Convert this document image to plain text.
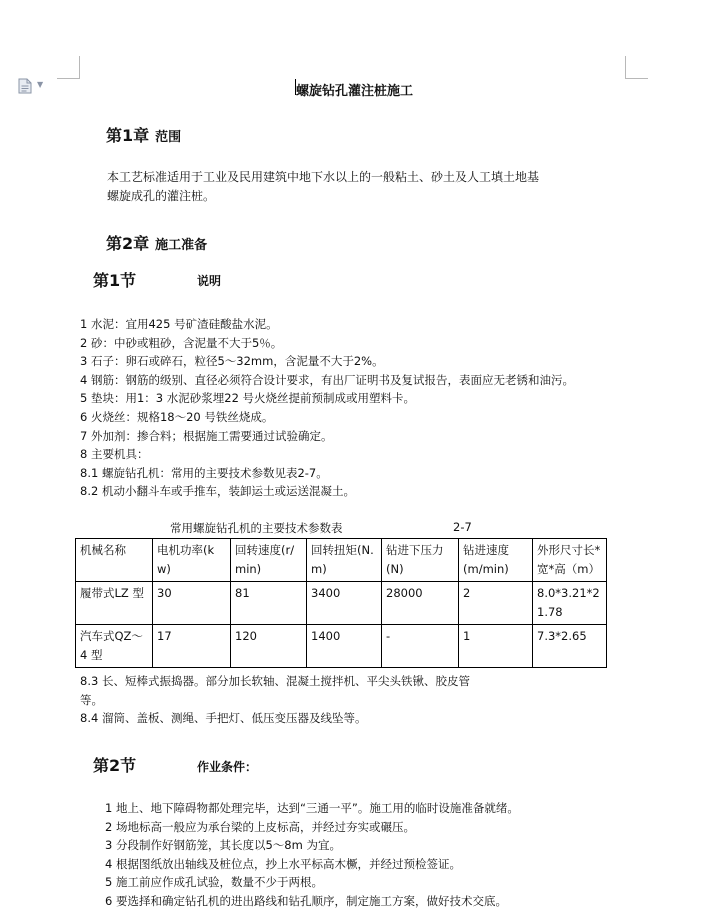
▼	螺旋钻孔灌注桩施工
第1章 范围
本工艺标准适用于工业及民用建筑中地下水以上的一般粘土、砂土及人工填土地基
螺旋成孔的灌注桩。
第2章 施工准备
第1节	说明
1 水泥：宜用425 号矿渣硅酸盐水泥。
2 砂：中砂或粗砂，含泥量不大于5％。
3 石子：卵石或碎石，粒径5～32mm，含泥量不大于2%。
4 钢筋：钢筋的级别、直径必须符合设计要求，有出厂证明书及复试报告，表面应无老锈和油污。
5 垫块：用1：3 水泥砂浆埋22 号火烧丝提前预制成或用塑料卡。
6 火烧丝：规格18～20 号铁丝烧成。
7 外加剂：掺合料；根据施工需要通过试验确定。
8 主要机具：
8.1 螺旋钻孔机：常用的主要技术参数见表2-7。
8.2 机动小翻斗车或手推车，装卸运土或运送混凝土。
常用螺旋钻孔机的主要技术参数表	2-7
机械名称	电机功率(kw)	回转速度(r/min)	回转扭矩(N.m)	钻进下压力(N)	钻进速度(m/min)	外形尺寸长*宽*高（m）
履带式LZ 型	30	81	3400	28000	2	8.0*3.21*21.78
汽车式QZ～4 型	17	120	1400	-	1	7.3*2.65
8.3 长、短棒式振捣器。部分加长软轴、混凝土搅拌机、平尖头铁锹、胶皮管
等。
8.4 溜筒、盖板、测绳、手把灯、低压变压器及线坠等。
第2节	作业条件：
1 地上、地下障碍物都处理完毕，达到“三通一平”。施工用的临时设施准备就绪。
2 场地标高一般应为承台梁的上皮标高，并经过夯实或碾压。
3 分段制作好钢筋笼，其长度以5～8m 为宜。
4 根据图纸放出轴线及桩位点，抄上水平标高木橛，并经过预检签证。
5 施工前应作成孔试验，数量不少于两根。
6 要选择和确定钻孔机的进出路线和钻孔顺序，制定施工方案，做好技术交底。
